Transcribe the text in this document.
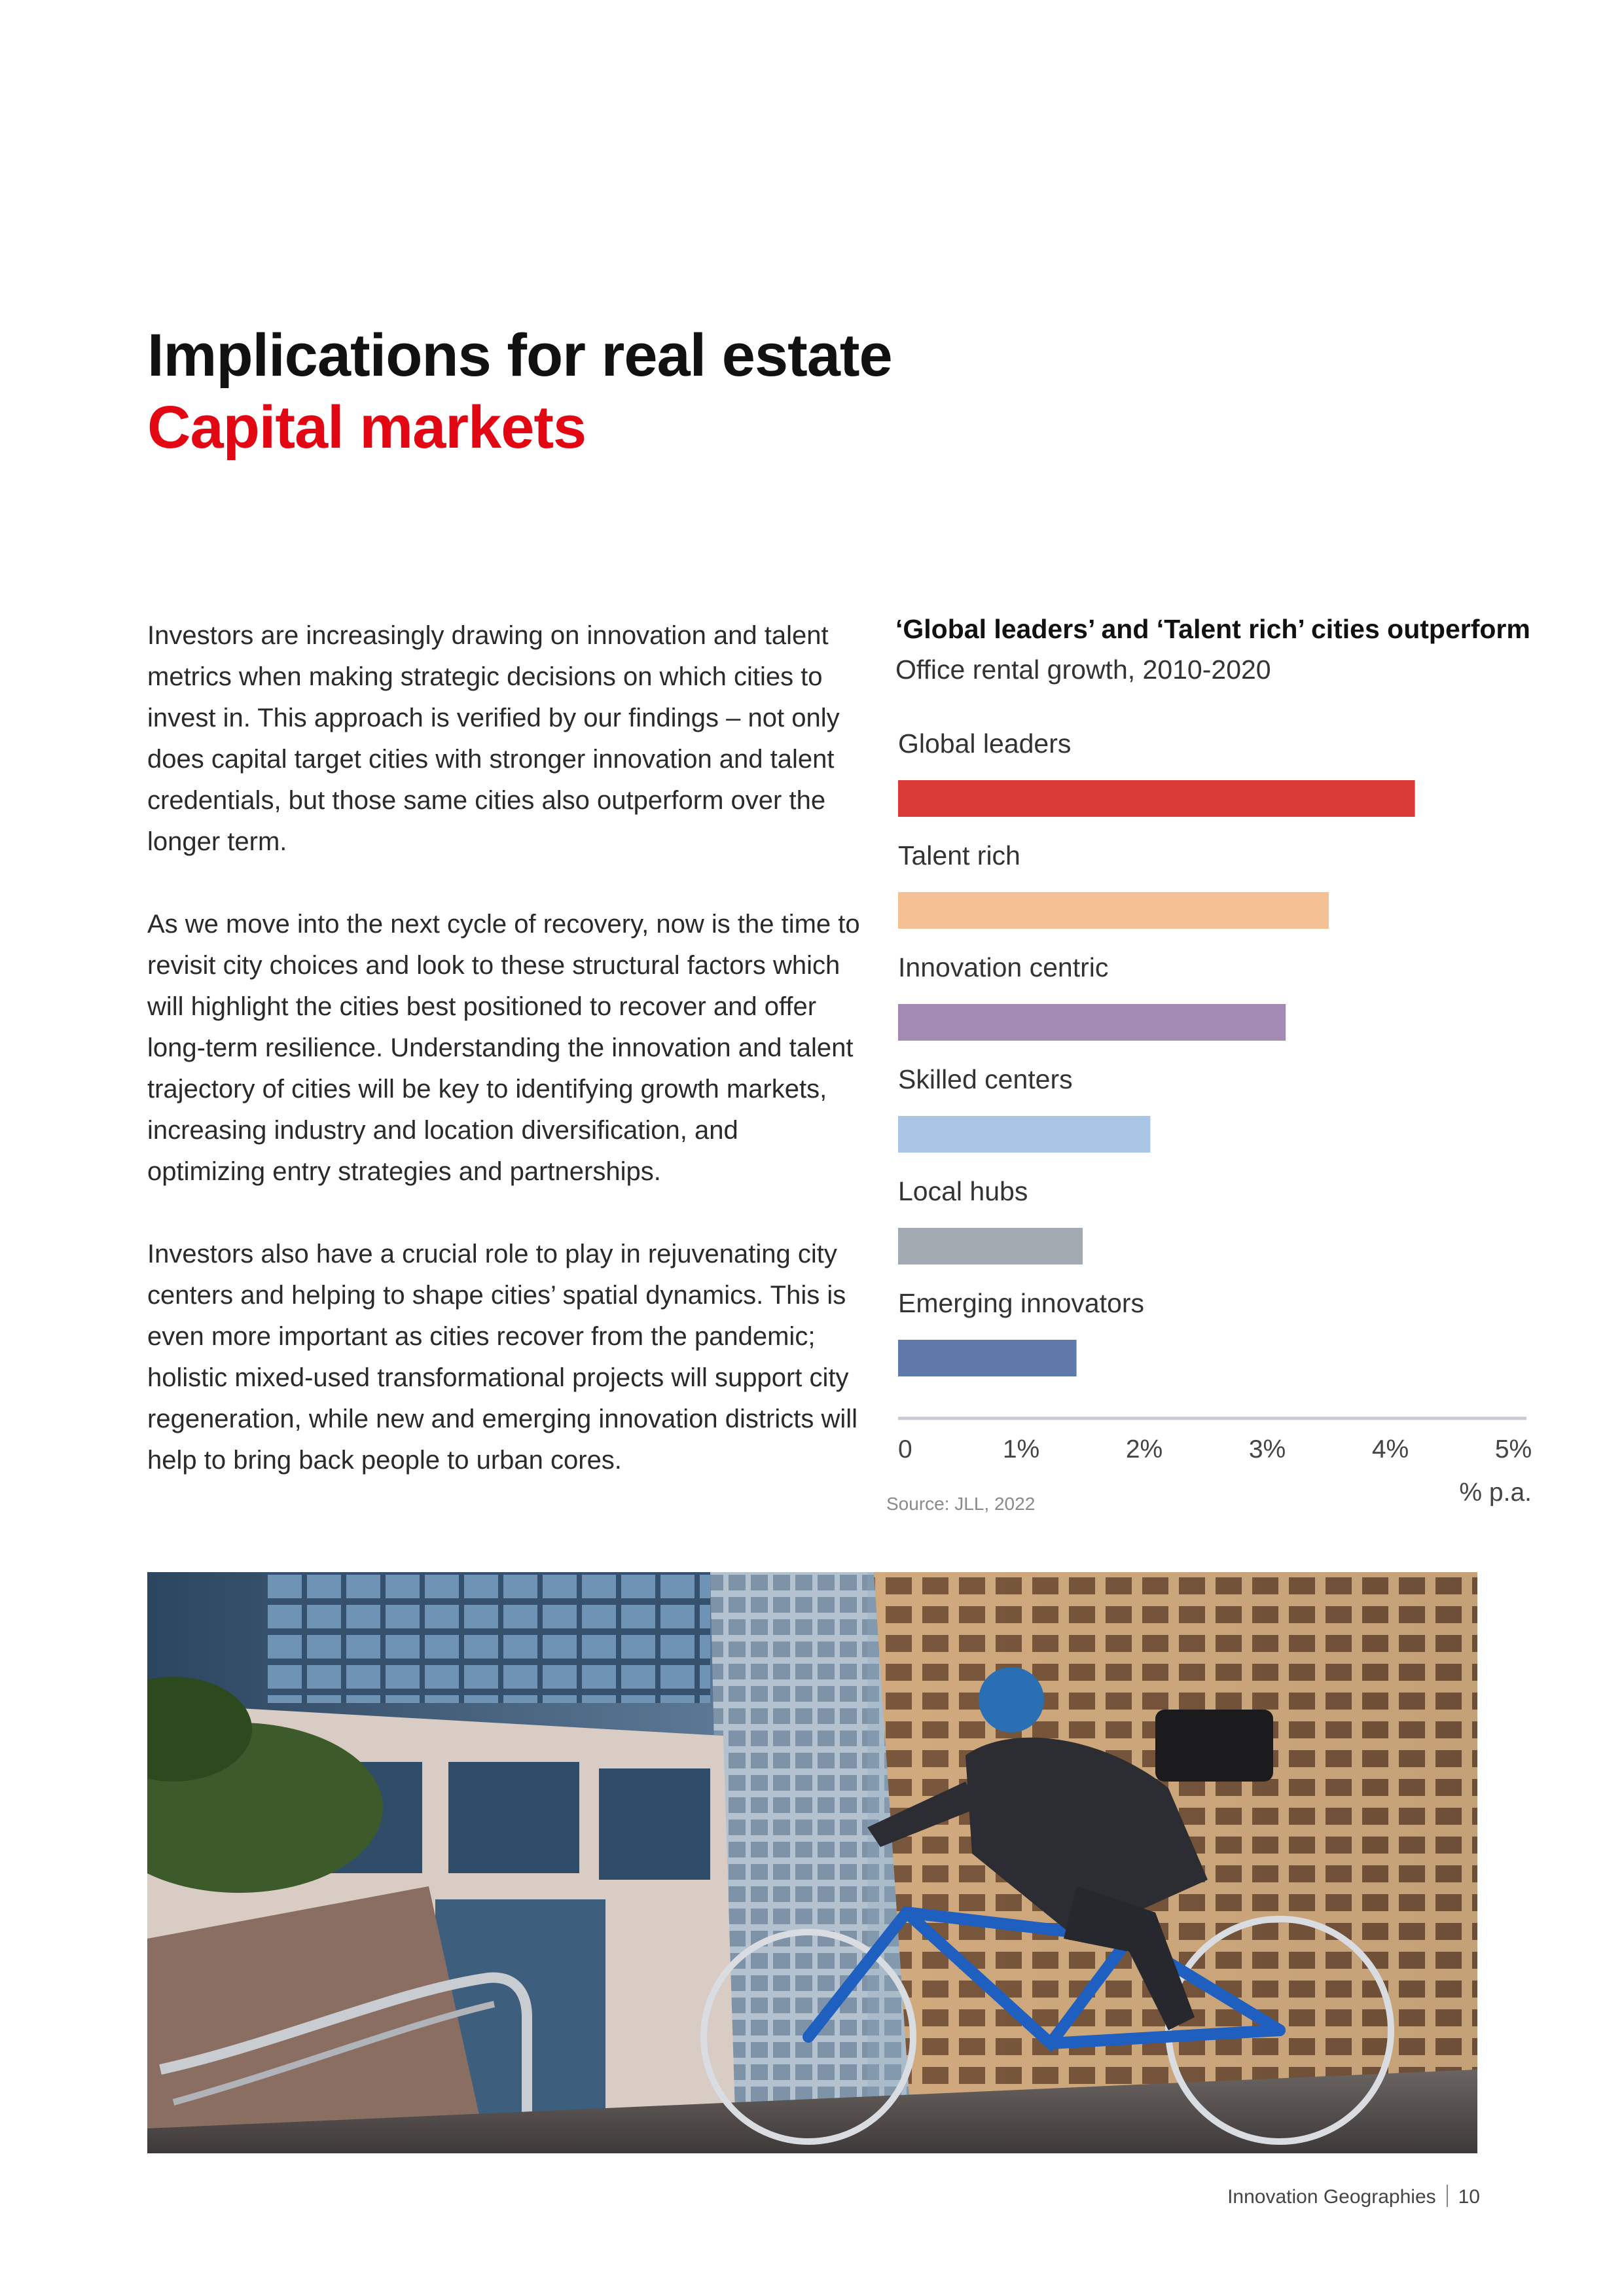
Implications for real estate
Capital markets

Investors are increasingly drawing on innovation and talent metrics when making strategic decisions on which cities to invest in. This approach is verified by our findings – not only does capital target cities with stronger innovation and talent credentials, but those same cities also outperform over the longer term.

As we move into the next cycle of recovery, now is the time to revisit city choices and look to these structural factors which will highlight the cities best positioned to recover and offer long-term resilience. Understanding the innovation and talent trajectory of cities will be key to identifying growth markets, increasing industry and location diversification, and optimizing entry strategies and partnerships.

Investors also have a crucial role to play in rejuvenating city centers and helping to shape cities’ spatial dynamics. This is even more important as cities recover from the pandemic; holistic mixed-used transformational projects will support city regeneration, while new and emerging innovation districts will help to bring back people to urban cores.

‘Global leaders’ and ‘Talent rich’ cities outperform
Office rental growth, 2010-2020
Global leaders
Talent rich
Innovation centric
Skilled centers
Local hubs
Emerging innovators
0	1%	2%	3%	4%	5%
% p.a.
Source: JLL, 2022
Innovation Geographies 10
